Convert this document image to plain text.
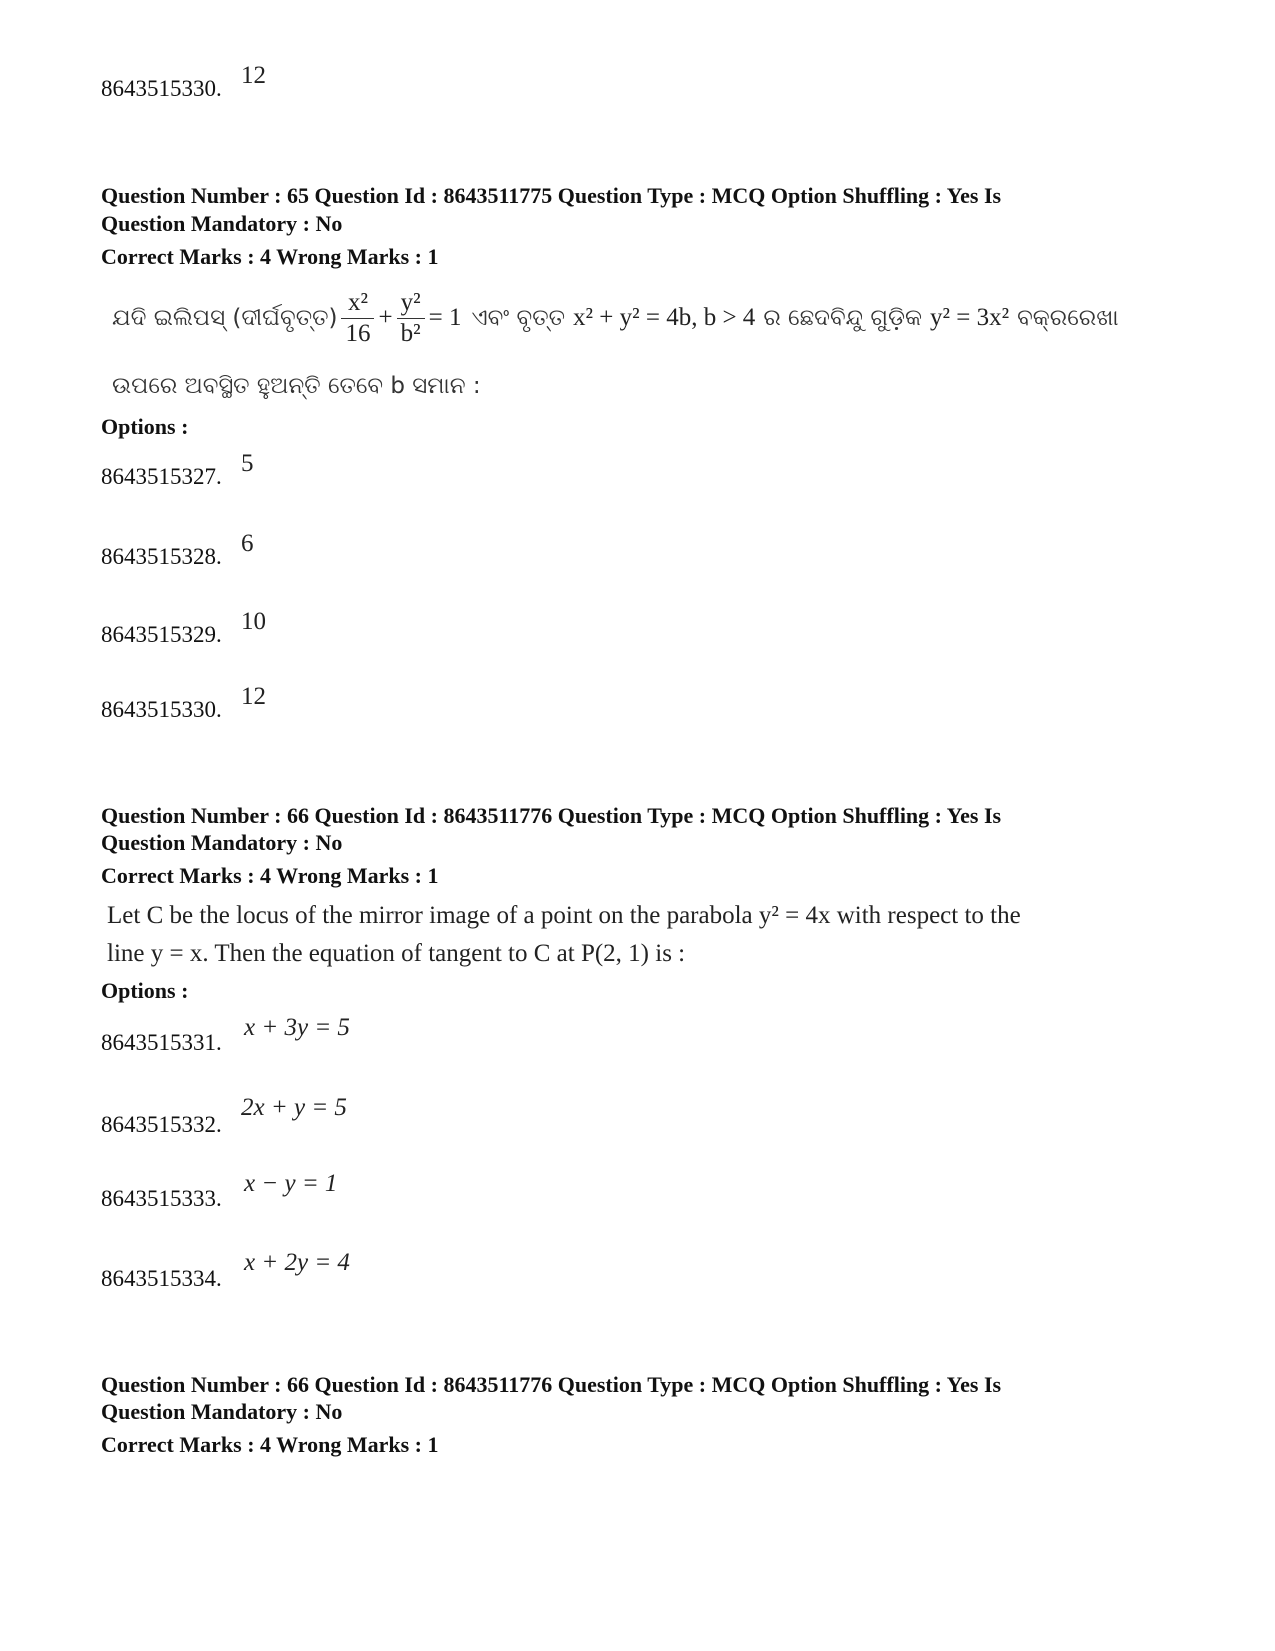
8643515330. 12
Question Number : 65 Question Id : 8643511775 Question Type : MCQ Option Shuffling : Yes Is
Question Mandatory : No
Correct Marks : 4 Wrong Marks : 1
ଯଦି ଇଲିପସ୍ (ଦୀର୍ଘବୃତ୍ତ) $\frac{\text{x²}}{16} + \frac{\text{y²}}{\text{b²}} = 1$ ଏବଂ ବୃତ୍ତ x² + y² = 4b, b > 4 ର ଛେଦବିନ୍ଦୁ ଗୁଡ଼ିକ y² = 3x² ବକ୍ରରେଖା
ଉପରେ ଅବସ୍ଥିତ ହୁଅନ୍ତି ତେବେ b ସମାନ :
Options :
8643515327. 5
8643515328. 6
8643515329. 10
8643515330. 12
Question Number : 66 Question Id : 8643511776 Question Type : MCQ Option Shuffling : Yes Is
Question Mandatory : No
Correct Marks : 4 Wrong Marks : 1
Let C be the locus of the mirror image of a point on the parabola y² = 4x with respect to the
line y = x. Then the equation of tangent to C at P(2, 1) is :
Options :
8643515331.
x + 3y = 5
8643515332.
2x + y = 5
8643515333.
x − y = 1
8643515334.
x + 2y = 4
Question Number : 66 Question Id : 8643511776 Question Type : MCQ Option Shuffling : Yes Is
Question Mandatory : No
Correct Marks : 4 Wrong Marks : 1
